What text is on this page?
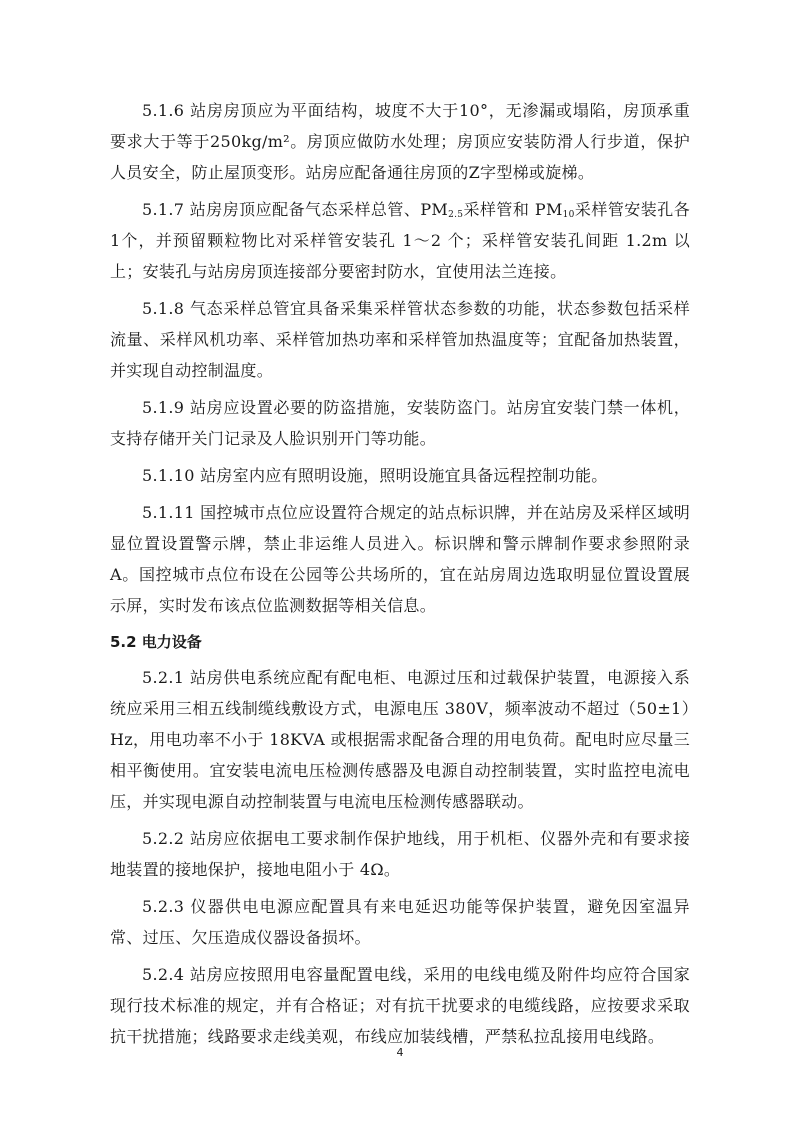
5.1.6 站房房顶应为平面结构，坡度不大于10°，无渗漏或塌陷，房顶承重要求大于等于250kg/m²。房顶应做防水处理；房顶应安装防滑人行步道，保护人员安全，防止屋顶变形。站房应配备通往房顶的Z字型梯或旋梯。

5.1.7 站房房顶应配备气态采样总管、$PM_{2.5}$采样管和 $PM_{10}$采样管安装孔各1个，并预留颗粒物比对采样管安装孔 1～2 个；采样管安装孔间距 1.2m 以上；安装孔与站房房顶连接部分要密封防水，宜使用法兰连接。

5.1.8 气态采样总管宜具备采集采样管状态参数的功能，状态参数包括采样流量、采样风机功率、采样管加热功率和采样管加热温度等；宜配备加热装置，并实现自动控制温度。

5.1.9 站房应设置必要的防盗措施，安装防盗门。站房宜安装门禁一体机，支持存储开关门记录及人脸识别开门等功能。

5.1.10 站房室内应有照明设施，照明设施宜具备远程控制功能。

5.1.11 国控城市点位应设置符合规定的站点标识牌，并在站房及采样区域明显位置设置警示牌，禁止非运维人员进入。标识牌和警示牌制作要求参照附录 A。国控城市点位布设在公园等公共场所的，宜在站房周边选取明显位置设置展示屏，实时发布该点位监测数据等相关信息。

5.2 电力设备

5.2.1 站房供电系统应配有配电柜、电源过压和过载保护装置，电源接入系统应采用三相五线制缆线敷设方式，电源电压 380V，频率波动不超过（50±1）Hz，用电功率不小于 18KVA 或根据需求配备合理的用电负荷。配电时应尽量三相平衡使用。宜安装电流电压检测传感器及电源自动控制装置，实时监控电流电压，并实现电源自动控制装置与电流电压检测传感器联动。

5.2.2 站房应依据电工要求制作保护地线，用于机柜、仪器外壳和有要求接地装置的接地保护，接地电阻小于 4Ω。

5.2.3 仪器供电电源应配置具有来电延迟功能等保护装置，避免因室温异常、过压、欠压造成仪器设备损坏。

5.2.4 站房应按照用电容量配置电线，采用的电线电缆及附件均应符合国家现行技术标准的规定，并有合格证；对有抗干扰要求的电缆线路，应按要求采取抗干扰措施；线路要求走线美观，布线应加装线槽，严禁私拉乱接用电线路。

4
